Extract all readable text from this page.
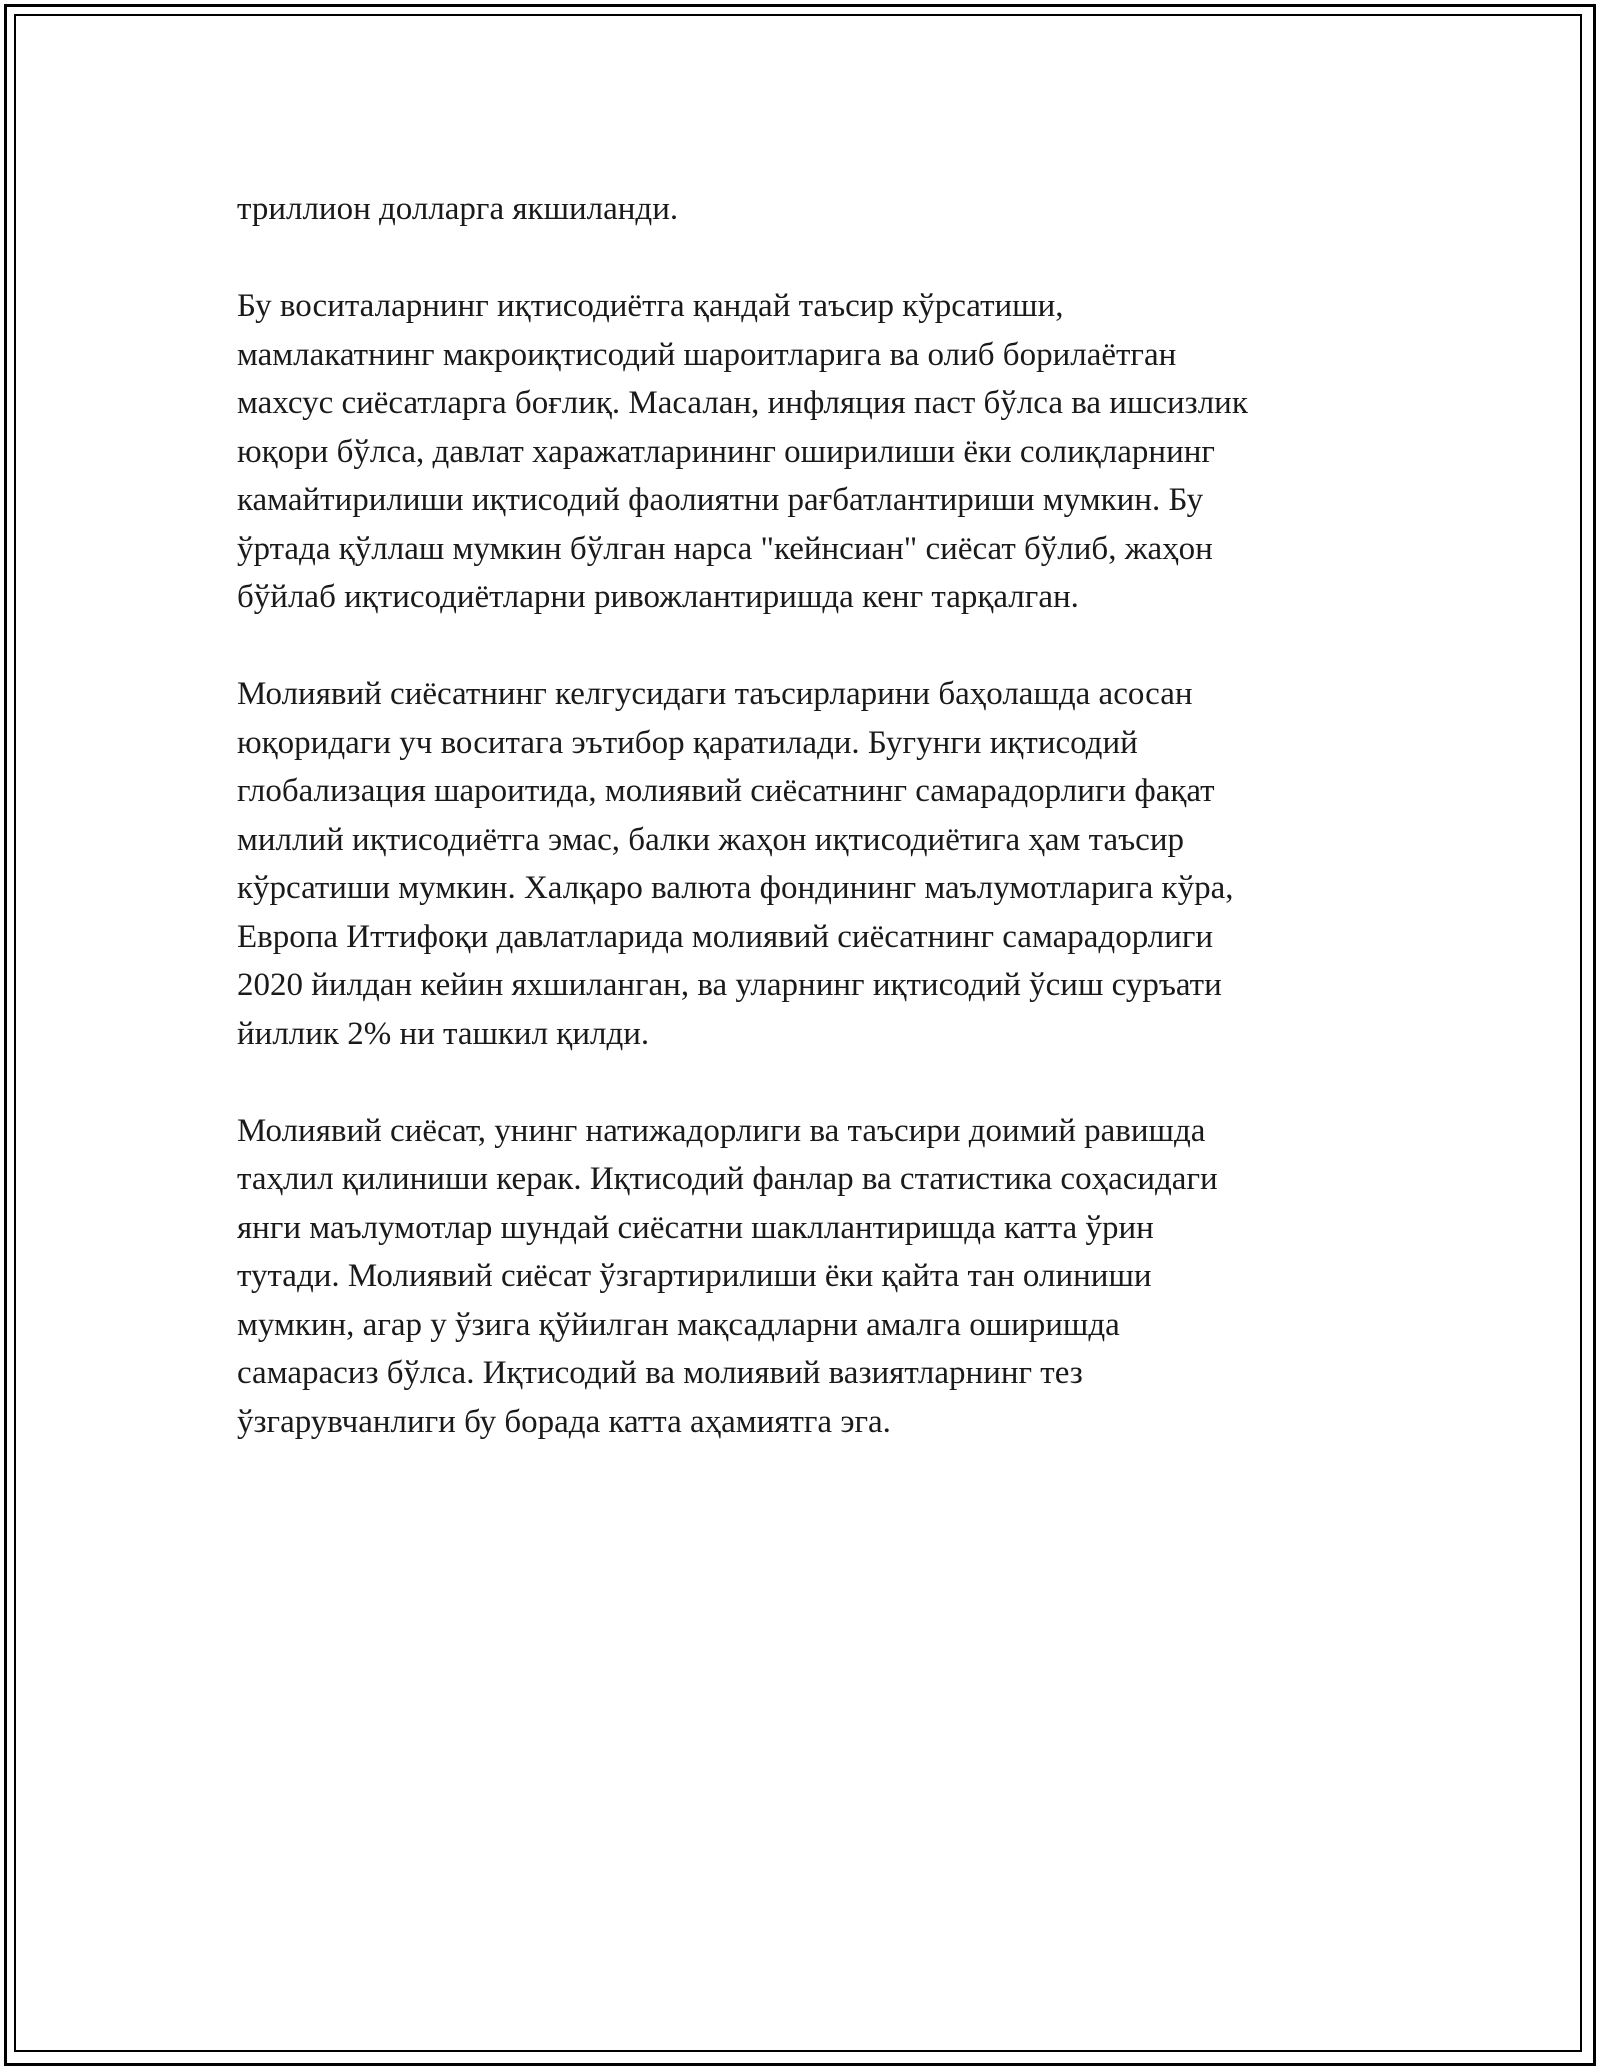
триллион долларга якшиланди.

Бу воситаларнинг иқтисодиётга қандай таъсир кўрсатиши,
мамлакатнинг макроиқтисодий шароитларига ва олиб борилаётган
махсус сиёсатларга боғлиқ. Масалан, инфляция паст бўлса ва ишсизлик
юқори бўлса, давлат харажатларининг оширилиши ёки солиқларнинг
камайтирилиши иқтисодий фаолиятни рағбатлантириши мумкин. Бу
ўртада қўллаш мумкин бўлган нарса "кейнсиан" сиёсат бўлиб, жаҳон
бўйлаб иқтисодиётларни ривожлантиришда кенг тарқалган.

Молиявий сиёсатнинг келгусидаги таъсирларини баҳолашда асосан
юқоридаги уч воситага эътибор қаратилади. Бугунги иқтисодий
глобализация шароитида, молиявий сиёсатнинг самарадорлиги фақат
миллий иқтисодиётга эмас, балки жаҳон иқтисодиётига ҳам таъсир
кўрсатиши мумкин. Халқаро валюта фондининг маълумотларига кўра,
Европа Иттифоқи давлатларида молиявий сиёсатнинг самарадорлиги
2020 йилдан кейин яхшиланган, ва уларнинг иқтисодий ўсиш суръати
йиллик 2% ни ташкил қилди.

Молиявий сиёсат, унинг натижадорлиги ва таъсири доимий равишда
таҳлил қилиниши керак. Иқтисодий фанлар ва статистика соҳасидаги
янги маълумотлар шундай сиёсатни шакллантиришда катта ўрин
тутади. Молиявий сиёсат ўзгартирилиши ёки қайта тан олиниши
мумкин, агар у ўзига қўйилган мақсадларни амалга оширишда
самарасиз бўлса. Иқтисодий ва молиявий вазиятларнинг тез
ўзгарувчанлиги бу борада катта аҳамиятга эга.
